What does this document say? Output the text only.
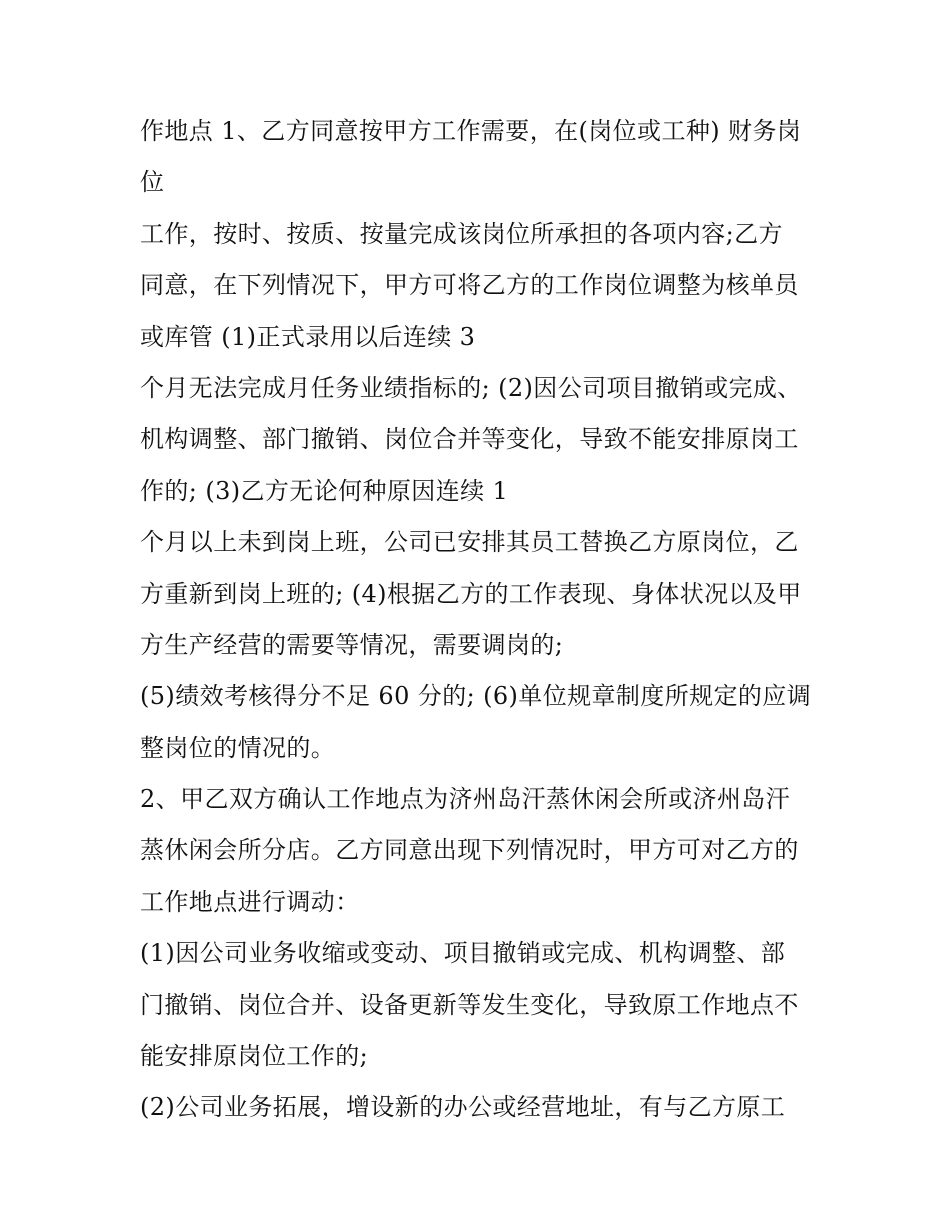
作地点 1、乙方同意按甲方工作需要，在(岗位或工种) 财务岗
位
工作，按时、按质、按量完成该岗位所承担的各项内容;乙方
同意，在下列情况下，甲方可将乙方的工作岗位调整为核单员
或库管 (1)正式录用以后连续 3
个月无法完成月任务业绩指标的; (2)因公司项目撤销或完成、
机构调整、部门撤销、岗位合并等变化，导致不能安排原岗工
作的; (3)乙方无论何种原因连续 1
个月以上未到岗上班，公司已安排其员工替换乙方原岗位，乙
方重新到岗上班的; (4)根据乙方的工作表现、身体状况以及甲
方生产经营的需要等情况，需要调岗的;
(5)绩效考核得分不足 60 分的; (6)单位规章制度所规定的应调
整岗位的情况的。
2、甲乙双方确认工作地点为济州岛汗蒸休闲会所或济州岛汗
蒸休闲会所分店。乙方同意出现下列情况时，甲方可对乙方的
工作地点进行调动：
(1)因公司业务收缩或变动、项目撤销或完成、机构调整、部
门撤销、岗位合并、设备更新等发生变化，导致原工作地点不
能安排原岗位工作的;
(2)公司业务拓展，增设新的办公或经营地址，有与乙方原工
